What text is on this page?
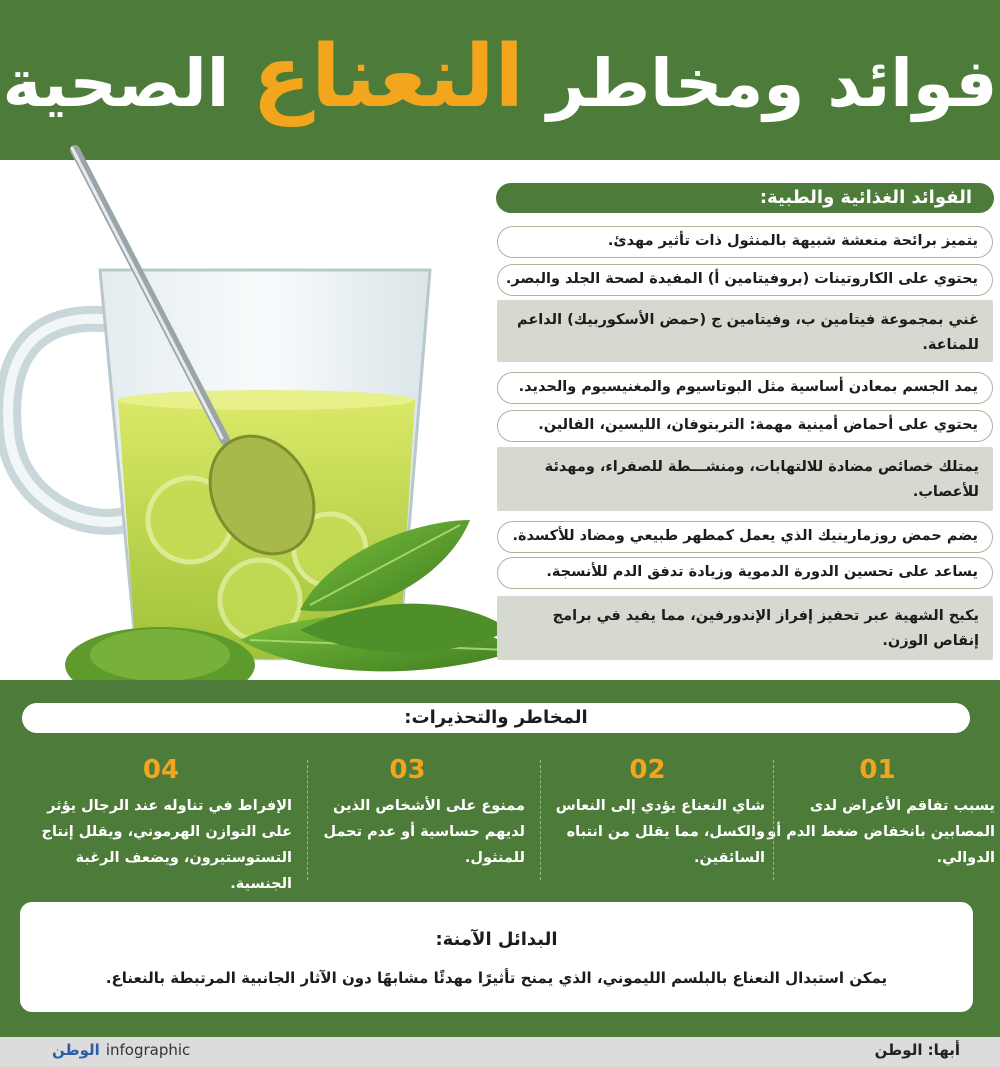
فوائد ومخاطر النعناع الصحية
الفوائد الغذائية والطبية:
يتميز برائحة منعشة شبيهة بالمنثول ذات تأثير مهدئ.
يحتوي على الكاروتينات (بروفيتامين أ) المفيدة لصحة الجلد والبصر.
غني بمجموعة فيتامين ب، وفيتامين ج (حمض الأسكوربيك) الداعم للمناعة.
يمد الجسم بمعادن أساسية مثل البوتاسيوم والمغنيسيوم والحديد.
يحتوي على أحماض أمينية مهمة: التربتوفان، الليسين، الفالين.
يمتلك خصائص مضادة للالتهابات، ومنشـــطة للصفراء، ومهدئة للأعصاب.
يضم حمض روزمارينيك الذي يعمل كمطهر طبيعي ومضاد للأكسدة.
يساعد على تحسين الدورة الدموية وزيادة تدفق الدم للأنسجة.
يكبح الشهية عبر تحفيز إفراز الإندورفين، مما يفيد في برامج إنقاص الوزن.
المخاطر والتحذيرات:
01
يسبب تفاقم الأعراض لدى المصابين بانخفاض ضغط الدم أو الدوالي.
02
شاي النعناع يؤدي إلى النعاس والكسل، مما يقلل من انتباه السائقين.
03
ممنوع على الأشخاص الذين لديهم حساسية أو عدم تحمل للمنثول.
04
الإفراط في تناوله عند الرجال يؤثر على التوازن الهرموني، ويقلل إنتاج التستوستيرون، ويضعف الرغبة الجنسية.
البدائل الآمنة:
يمكن استبدال النعناع بالبلسم الليموني، الذي يمنح تأثيرًا مهدئًا مشابهًا دون الآثار الجانبية المرتبطة بالنعناع.
أبها: الوطن
الوطن infographic
